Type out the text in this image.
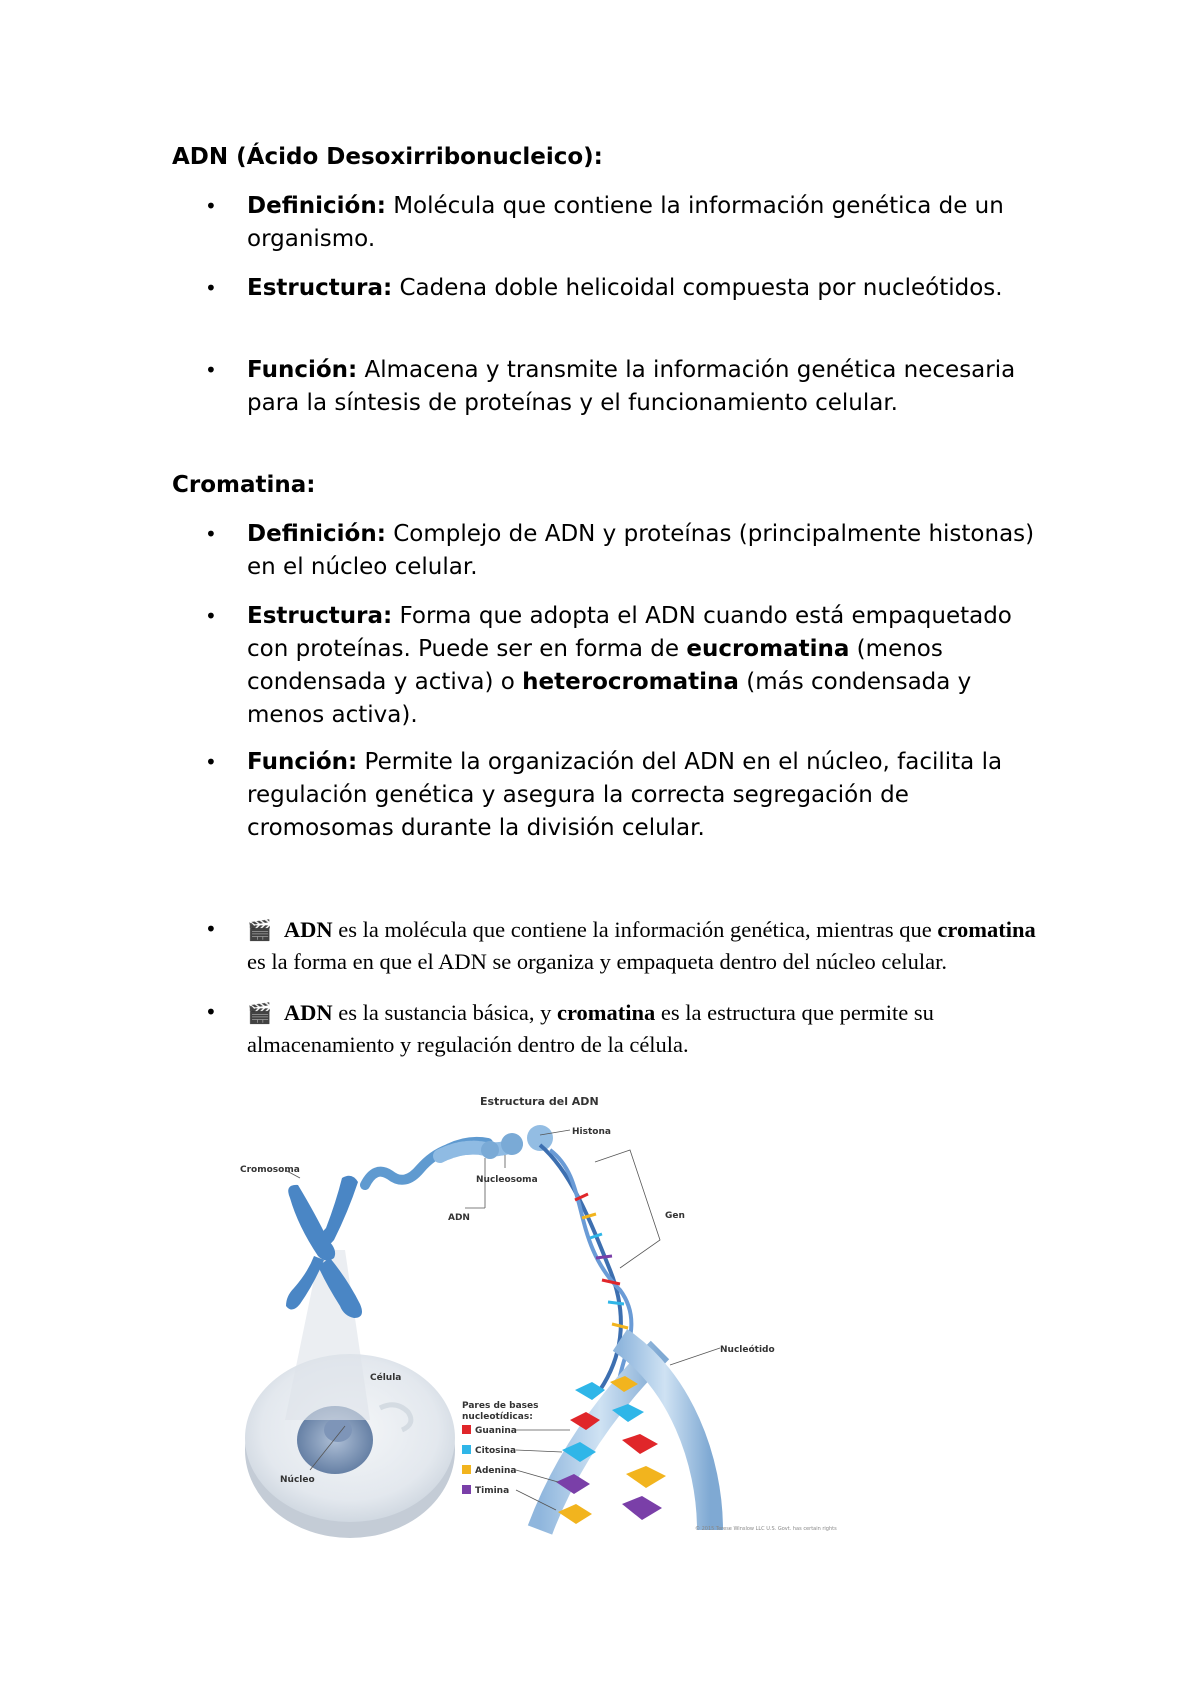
ADN (Ácido Desoxirribonucleico):
• Definición: Molécula que contiene la información genética de un organismo.
• Estructura: Cadena doble helicoidal compuesta por nucleótidos.
• Función: Almacena y transmite la información genética necesaria para la síntesis de proteínas y el funcionamiento celular.
Cromatina:
• Definición: Complejo de ADN y proteínas (principalmente histonas) en el núcleo celular.
• Estructura: Forma que adopta el ADN cuando está empaquetado con proteínas. Puede ser en forma de eucromatina (menos condensada y activa) o heterocromatina (más condensada y menos activa).
• Función: Permite la organización del ADN en el núcleo, facilita la regulación genética y asegura la correcta segregación de cromosomas durante la división celular.
• 🎬 ADN es la molécula que contiene la información genética, mientras que cromatina es la forma en que el ADN se organiza y empaqueta dentro del núcleo celular.
• 🎬 ADN es la sustancia básica, y cromatina es la estructura que permite su almacenamiento y regulación dentro de la célula.
Estructura del ADN
Cromosoma
Histona
Nucleosoma
ADN	Gen
Célula
Núcleo
Nucleótido
Pares de bases
nucleotídicas:
Guanina
Citosina
Adenina
Timina
© 2015 Terese Winslow LLC U.S. Govt. has certain rights
